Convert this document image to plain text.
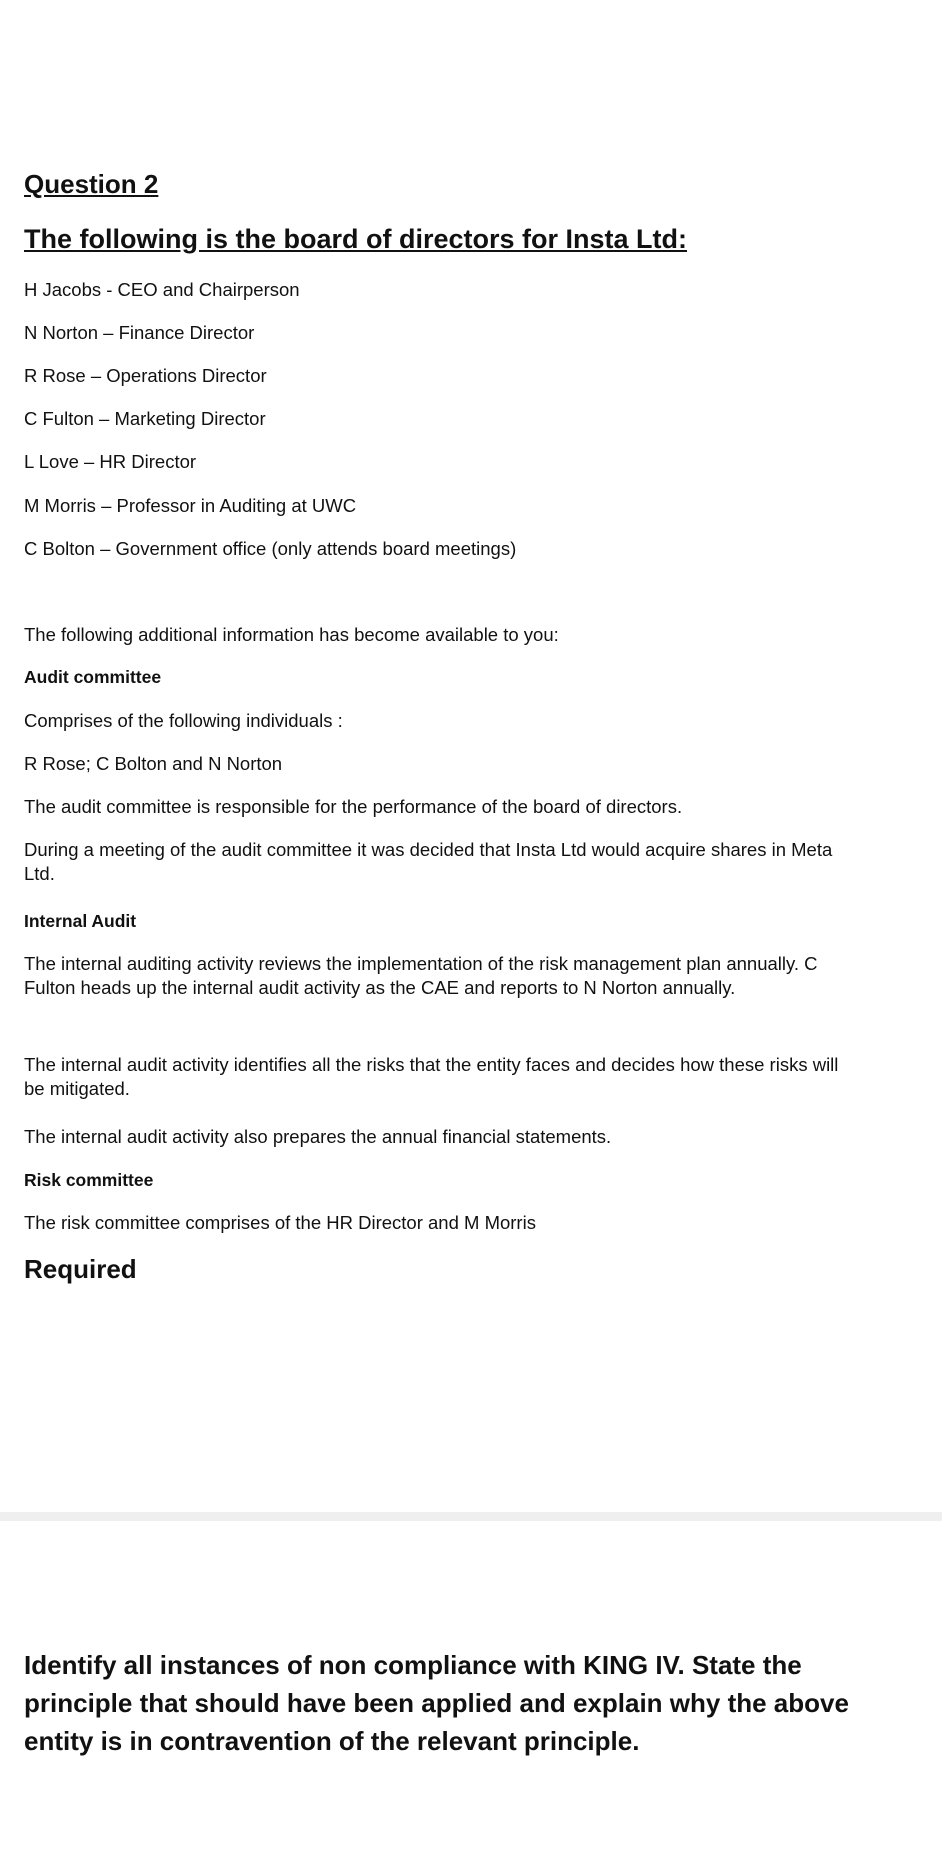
Question 2
The following is the board of directors for Insta Ltd:

H Jacobs - CEO and Chairperson

N Norton – Finance Director

R Rose – Operations Director

C Fulton – Marketing Director

L Love – HR Director

M Morris – Professor in Auditing at UWC

C Bolton – Government office (only attends board meetings)

The following additional information has become available to you:

Audit committee

Comprises of the following individuals :

R Rose; C Bolton and N Norton

The audit committee is responsible for the performance of the board of directors.

During a meeting of the audit committee it was decided that Insta Ltd would acquire shares in Meta Ltd.

Internal Audit

The internal auditing activity reviews the implementation of the risk management plan annually. C Fulton heads up the internal audit activity as the CAE and reports to N Norton annually.

The internal audit activity identifies all the risks that the entity faces and decides how these risks will be mitigated.

The internal audit activity also prepares the annual financial statements.

Risk committee

The risk committee comprises of the HR Director and M Morris

Required

Identify all instances of non compliance with KING IV. State the principle that should have been applied and explain why the above entity is in contravention of the relevant principle.
